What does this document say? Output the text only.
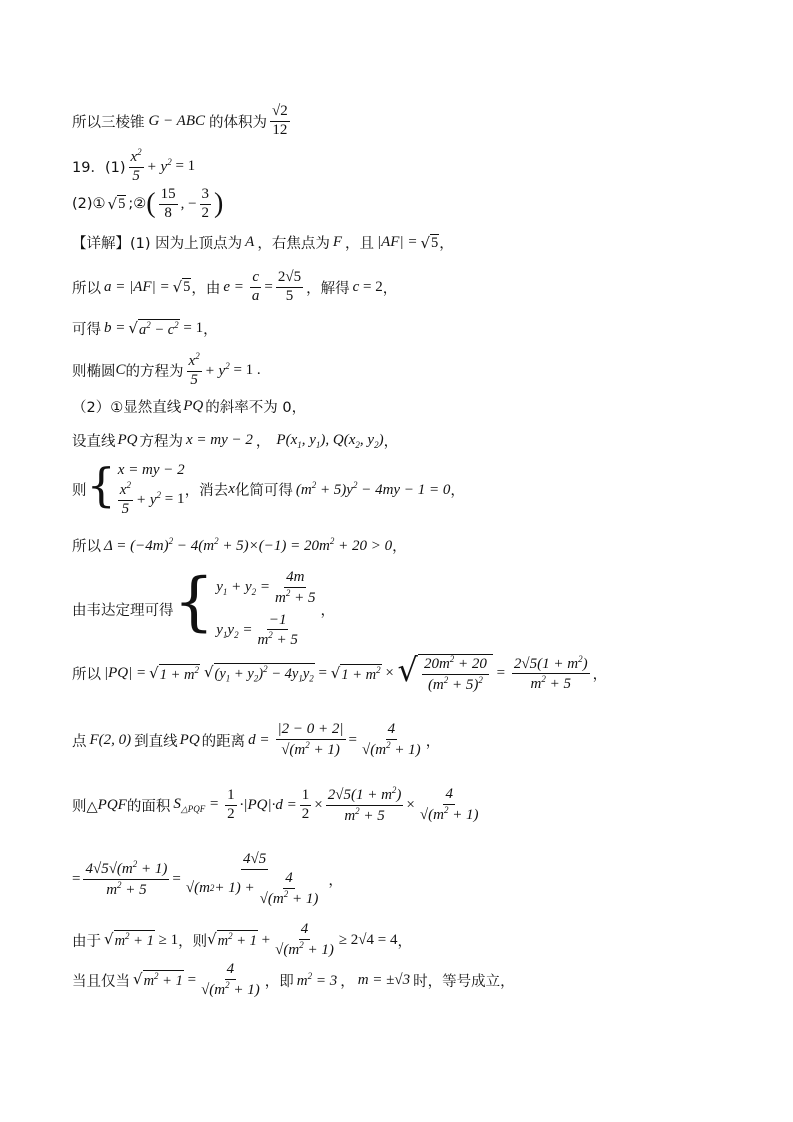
所以三棱锥 G − ABC 的体积为 $\frac{√2}{12}$
19．$(1) \frac{x^2}{5} + y^2 = 1$
(2)① √ 5 ;② ( $\frac{15}{8}$ , − $\frac{3}{2}$ )
【详解】 (1) 因为上顶点为 A ，右焦点为 F ，且 |AF| = √ 5 ，
所以 a = |AF| = √ 5 ，由 $e = \frac{c}{a} = \frac{2√5}{5}$ ，解得 c = 2 ，
可得 b = √ $a^2 - c^2 = 1$ ，
则椭圆 C 的方程为 $\frac{x^2}{5} + y^2 = 1$ .
（2）①显然直线 PQ 的斜率不为 0，
设直线 PQ 方程为 x = my − 2 ， $P(x_1$, $y_1$), $Q(x_2$, $y_2$) ，
则 { x = my − 2
$\frac{x^2}{5} + y^2 = 1$ ，消去 x 化简可得 $(m^2 + 5)y^2 - 4my - 1 = 0$ ，
所以 $\Delta = (-4m)^2 - 4(m^2 + 5)\times(-1) = 20m^2 + 20 > 0$ ，
由韦达定理可得 { $y_1 + y_2 = \frac{4m}{m^2 + 5}$
$y_1y_2 = \frac{-1}{m^2 + 5}$
，
所以 |PQ| = √ $1 + m^2$ √ $(y_1 + y_2)^2 - 4y_1y_2$ = √ $1 + m^2$ × √ $\frac{20m^2 + 20}{(m^2 + 5)^2} = \frac{2√5(1 + m^2)}{m^2 + 5}$ ，
点 F(2, 0) 到直线 PQ 的距离 $d = \frac{|2 - 0 + 2|}{√(m^2 + 1)} = \frac{4}{√(m^2 + 1)}$ ，
则△ PQF 的面积 $S_{\triangle PQF} = \frac{1}{2} \cdot|PQ|\cdot d = \frac{1}{2} \times \frac{2√5(1 + m^2)}{m^2 + 5} \times \frac{4}{√(m^2 + 1)}$
= $\frac{4√5√(m^2 + 1)}{m^2 + 5} = \frac{4√5}{√(m 2 + 1) + \frac{4}{√(m^2 + 1)}}$ ，
由于 √ $m^2 + 1 \ge 1$ ，则 √ $m^2 + 1 + \frac{4}{√(m^2 + 1)} \ge 2√4 = 4$ ，
当且仅当 √ $m^2 + 1 = \frac{4}{√(m^2 + 1)}$ ，即 $m^2 = 3$ ， m = ±√3 时，等号成立，
